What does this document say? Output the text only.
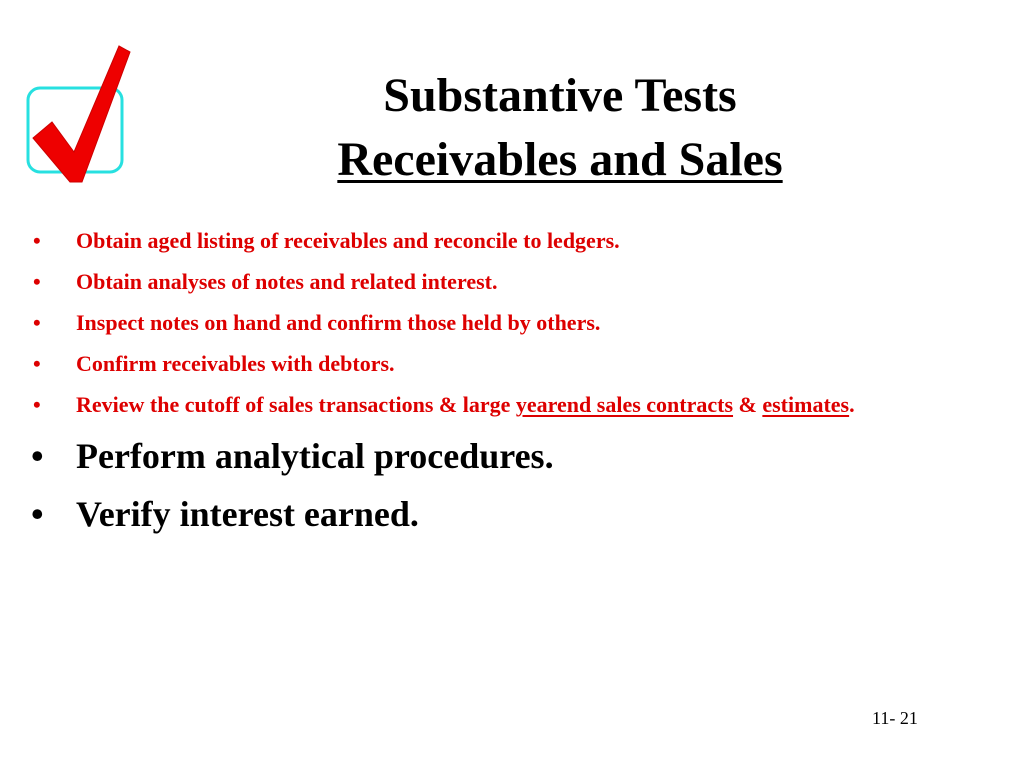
Substantive Tests
Receivables and Sales
• Obtain aged listing of receivables and reconcile to ledgers.
• Obtain analyses of notes and related interest.
• Inspect notes on hand and confirm those held by others.
• Confirm receivables with debtors.
• Review the cutoff of sales transactions & large yearend sales contracts & estimates.
• Perform analytical procedures.
• Verify interest earned.
11- 21
